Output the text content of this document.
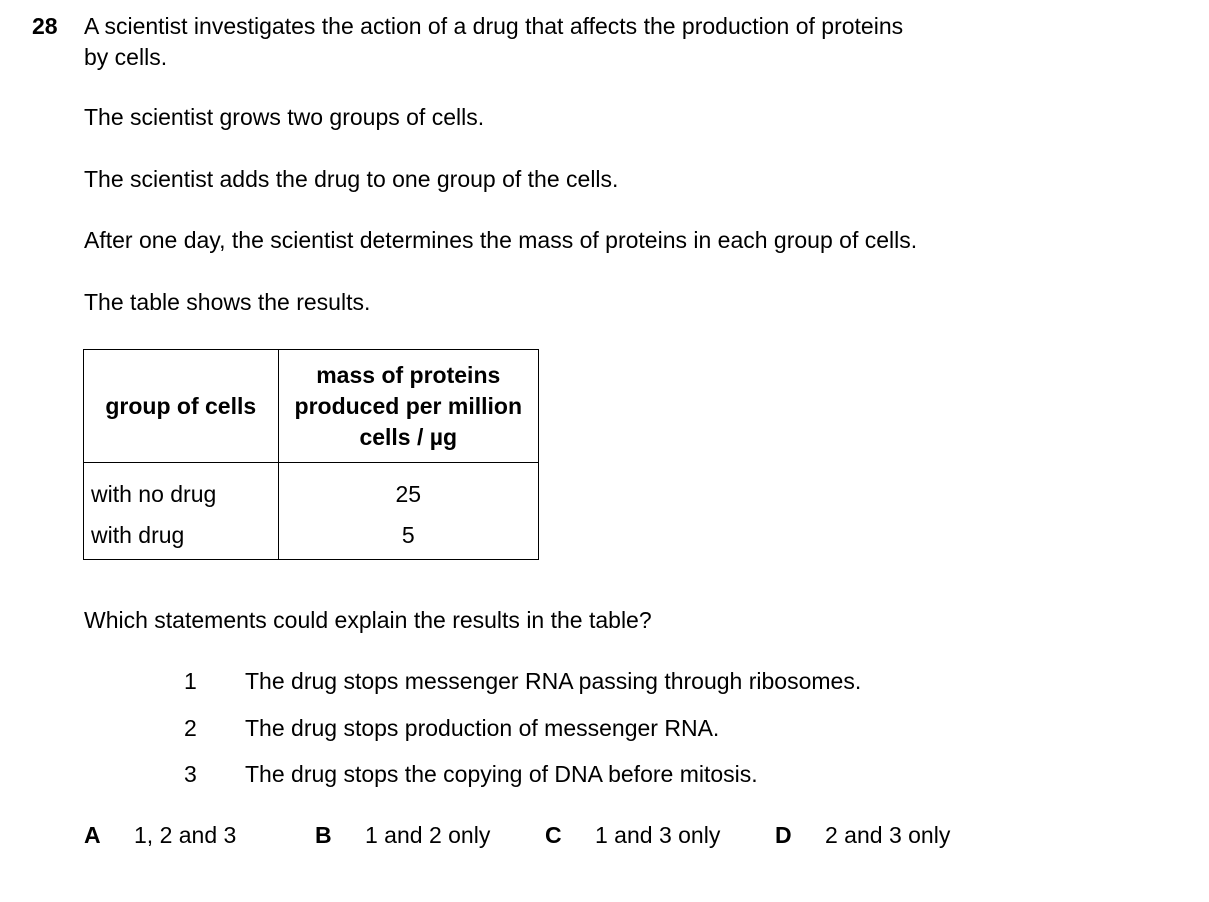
28 A scientist investigates the action of a drug that affects the production of proteins
by cells.
The scientist grows two groups of cells.
The scientist adds the drug to one group of the cells.
After one day, the scientist determines the mass of proteins in each group of cells.
The table shows the results.
group of cells	mass of proteins
produced per million
cells / µg

with no drug	25
with drug	5
Which statements could explain the results in the table?
1 The drug stops messenger RNA passing through ribosomes.
2 The drug stops production of messenger RNA.
3 The drug stops the copying of DNA before mitosis.
A 1, 2 and 3	B 1 and 2 only C 1 and 3 only D 2 and 3 only
